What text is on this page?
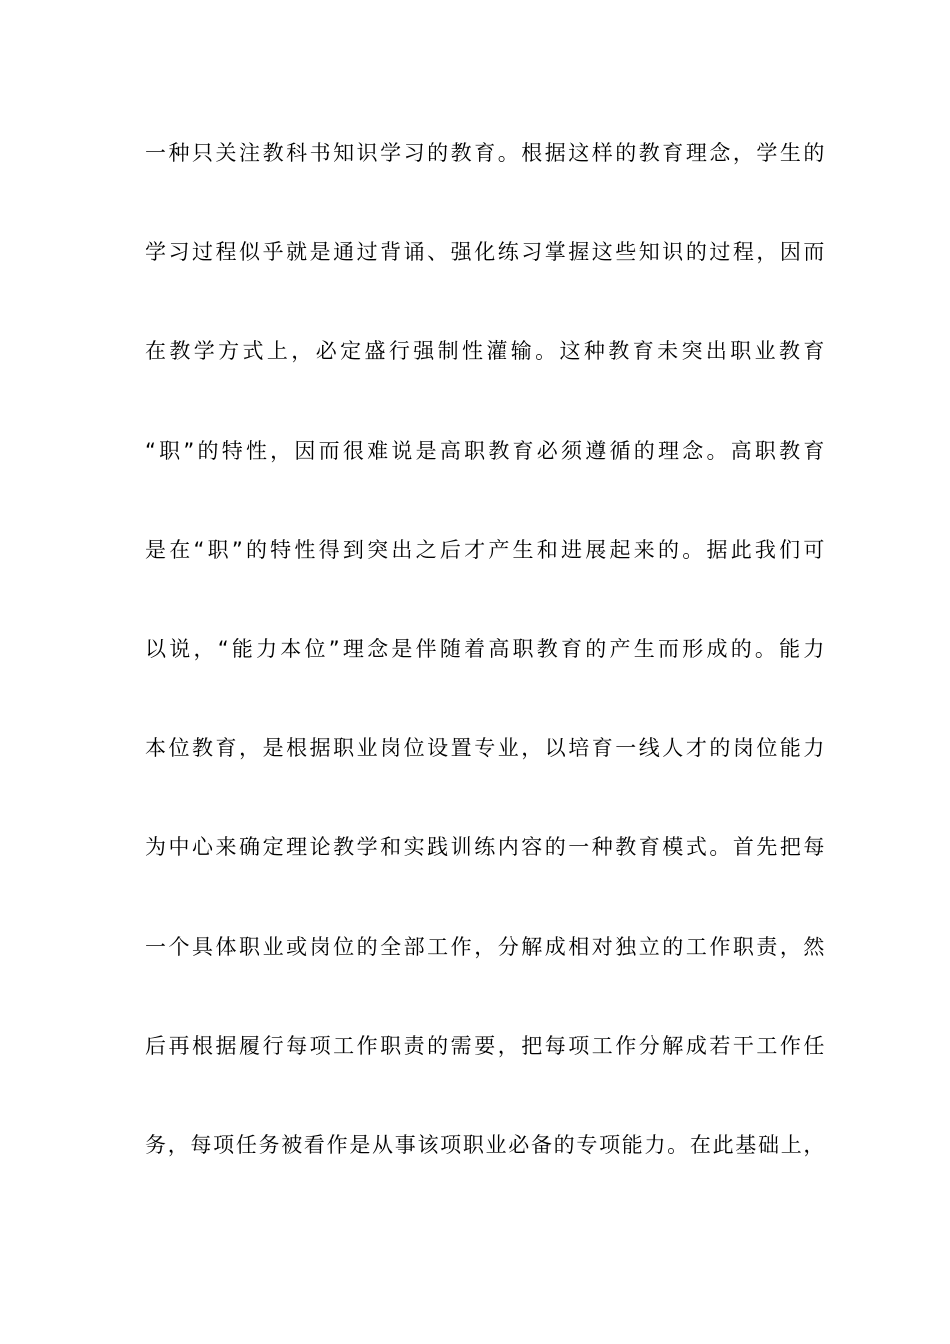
一种只关注教科书知识学习的教育。根据这样的教育理念，学生的
学习过程似乎就是通过背诵、强化练习掌握这些知识的过程，因而
在教学方式上，必定盛行强制性灌输。这种教育未突出职业教育
“职”的特性，因而很难说是高职教育必须遵循的理念。高职教育
是在“职”的特性得到突出之后才产生和进展起来的。据此我们可
以说，“能力本位”理念是伴随着高职教育的产生而形成的。能力
本位教育，是根据职业岗位设置专业，以培育一线人才的岗位能力
为中心来确定理论教学和实践训练内容的一种教育模式。首先把每
一个具体职业或岗位的全部工作，分解成相对独立的工作职责，然
后再根据履行每项工作职责的需要，把每项工作分解成若干工作任
务，每项任务被看作是从事该项职业必备的专项能力。在此基础上，
